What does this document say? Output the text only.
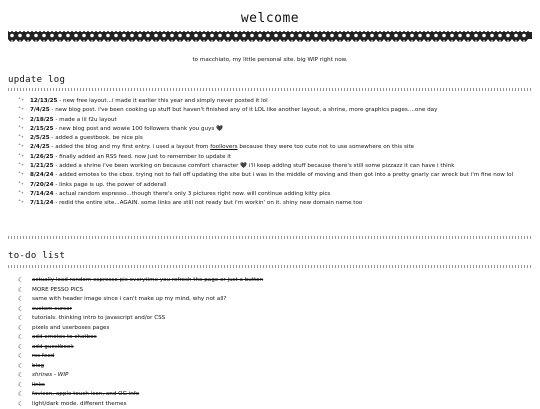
welcome
to macchiato, my little personal site. big WIP right now.
update log
⁺₊ 12/13/25 - new free layout...i made it earlier this year and simply never posted it lol
⁺₊ 7/4/25 - new blog post. i've been cooking up stuff but haven't finished any of it LOL like another layout, a shrine, more graphics pages....one day
⁺₊ 2/18/25 - made a lil f2u layout
⁺₊ 2/15/25 - new blog post and wowie 100 followers thank you guys 🖤
⁺₊ 2/5/25 - added a guestbook. be nice pls
⁺₊ 2/4/25 - added the blog and my first entry. i used a layout from foollovers because they were too cute not to use somewhere on this site
⁺₊ 1/26/25 - finally added an RSS feed. now just to remember to update it
⁺₊ 1/21/25 - added a shrine i've been working on because comfort character 🖤 i'll keep adding stuff because there's still some pizzazz it can have i think
⁺₊ 8/24/24 - added emotes to the cbox. trying not to fall off updating the site but i was in the middle of moving and then got into a pretty gnarly car wreck but i'm fine now lol
⁺₊ 7/20/24 - links page is up. the power of adderall
⁺₊ 7/14/24 - actual random espresso...though there's only 3 pictures right now. will continue adding kitty pics
⁺₊ 7/11/24 - redid the entire site...AGAIN. some links are still not ready but i'm workin' on it. shiny new domain name too
to-do list
☾ actually load random espresso pic everytime you refresh the page or just a button
☾ MORE PESSO PICS
☾ same with header image since i can't make up my mind, why not all?
☾ custom cursor
☾ tutorials. thinking intro to javascript and/or CSS
☾ pixels and userboxes pages
☾ add emotes to chatbox
☾ add guestbook
☾ rss feed
☾ blog
☾ shrines - WIP
☾ links
☾ favicon, apple touch icon, and OG info
☾ light/dark mode. different themes
